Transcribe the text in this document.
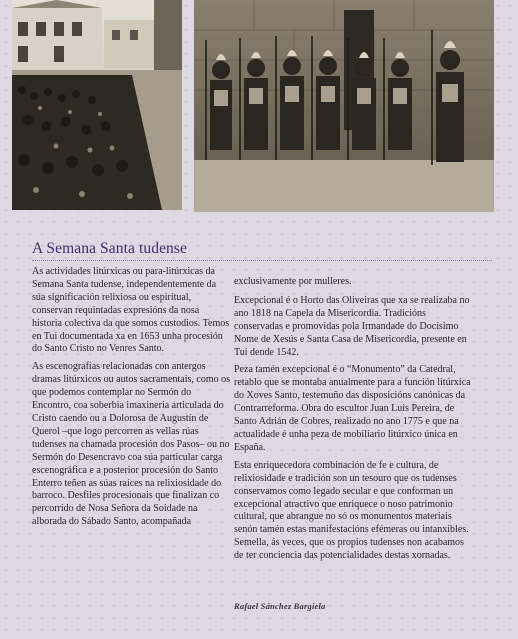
A Semana Santa tudense

As actividades litúrxicas ou para-litúrxicas da Semana Santa tudense, independentemente da súa significación relixiosa ou espiritual, conservan requintadas expresións da nosa historia colectiva da que somos custodios. Temos en Tui documentada xa en 1653 unha procesión do Santo Cristo no Venres Santo.

As escenografías relacionadas con antergos dramas litúrxicos ou autos sacramentais, como os que podemos contemplar no Sermón do Encontro, coa soberbia imaxinería articulada do Cristo caendo ou a Dolorosa de Augustín de Querol –que logo percorren as vellas rúas tudenses na chamada procesión dos Pasos– ou no Sermón do Desencravo coa súa particular carga escenográfica e a posterior procesión do Santo Enterro teñen as súas raíces na relixiosidade do barroco. Desfiles procesionais que finalizan co percorrido de Nosa Señora da Soidade na alborada do Sábado Santo, acompañada

exclusivamente por mulleres.

Excepcional é o Horto das Oliveiras que xa se realizaba no ano 1818 na Capela da Misericordia. Tradicións conservadas e promovidas pola Irmandade do Docísimo Nome de Xesús e Santa Casa de Misericordia, presente en Tui dende 1542.

Peza tamén excepcional é o “Monumento” da Catedral, retablo que se montaba anualmente para a función litúrxica do Xoves Santo, testemuño das disposicións canónicas da Contrarreforma. Obra do escultor Juan Luis Pereira, de Santo Adrián de Cobres, realizado no ano 1775 e que na actualidade é unha peza de mobiliario litúrxico única en España.

Esta enriquecedora combinación de fe e cultura, de relixiosidade e tradición son un tesouro que os tudenses conservamos como legado secular e que conforman un excepcional atractivo que enriquece o noso patrimonio cultural, que abrangue no só os monumentos materiais senón tamén estas manifestacións efémeras ou intanxibles. Semella, ás veces, que os propios tudenses non acabamos de ter conciencia das potencialidades destas xornadas.

Rafael Sánchez Bargiela
